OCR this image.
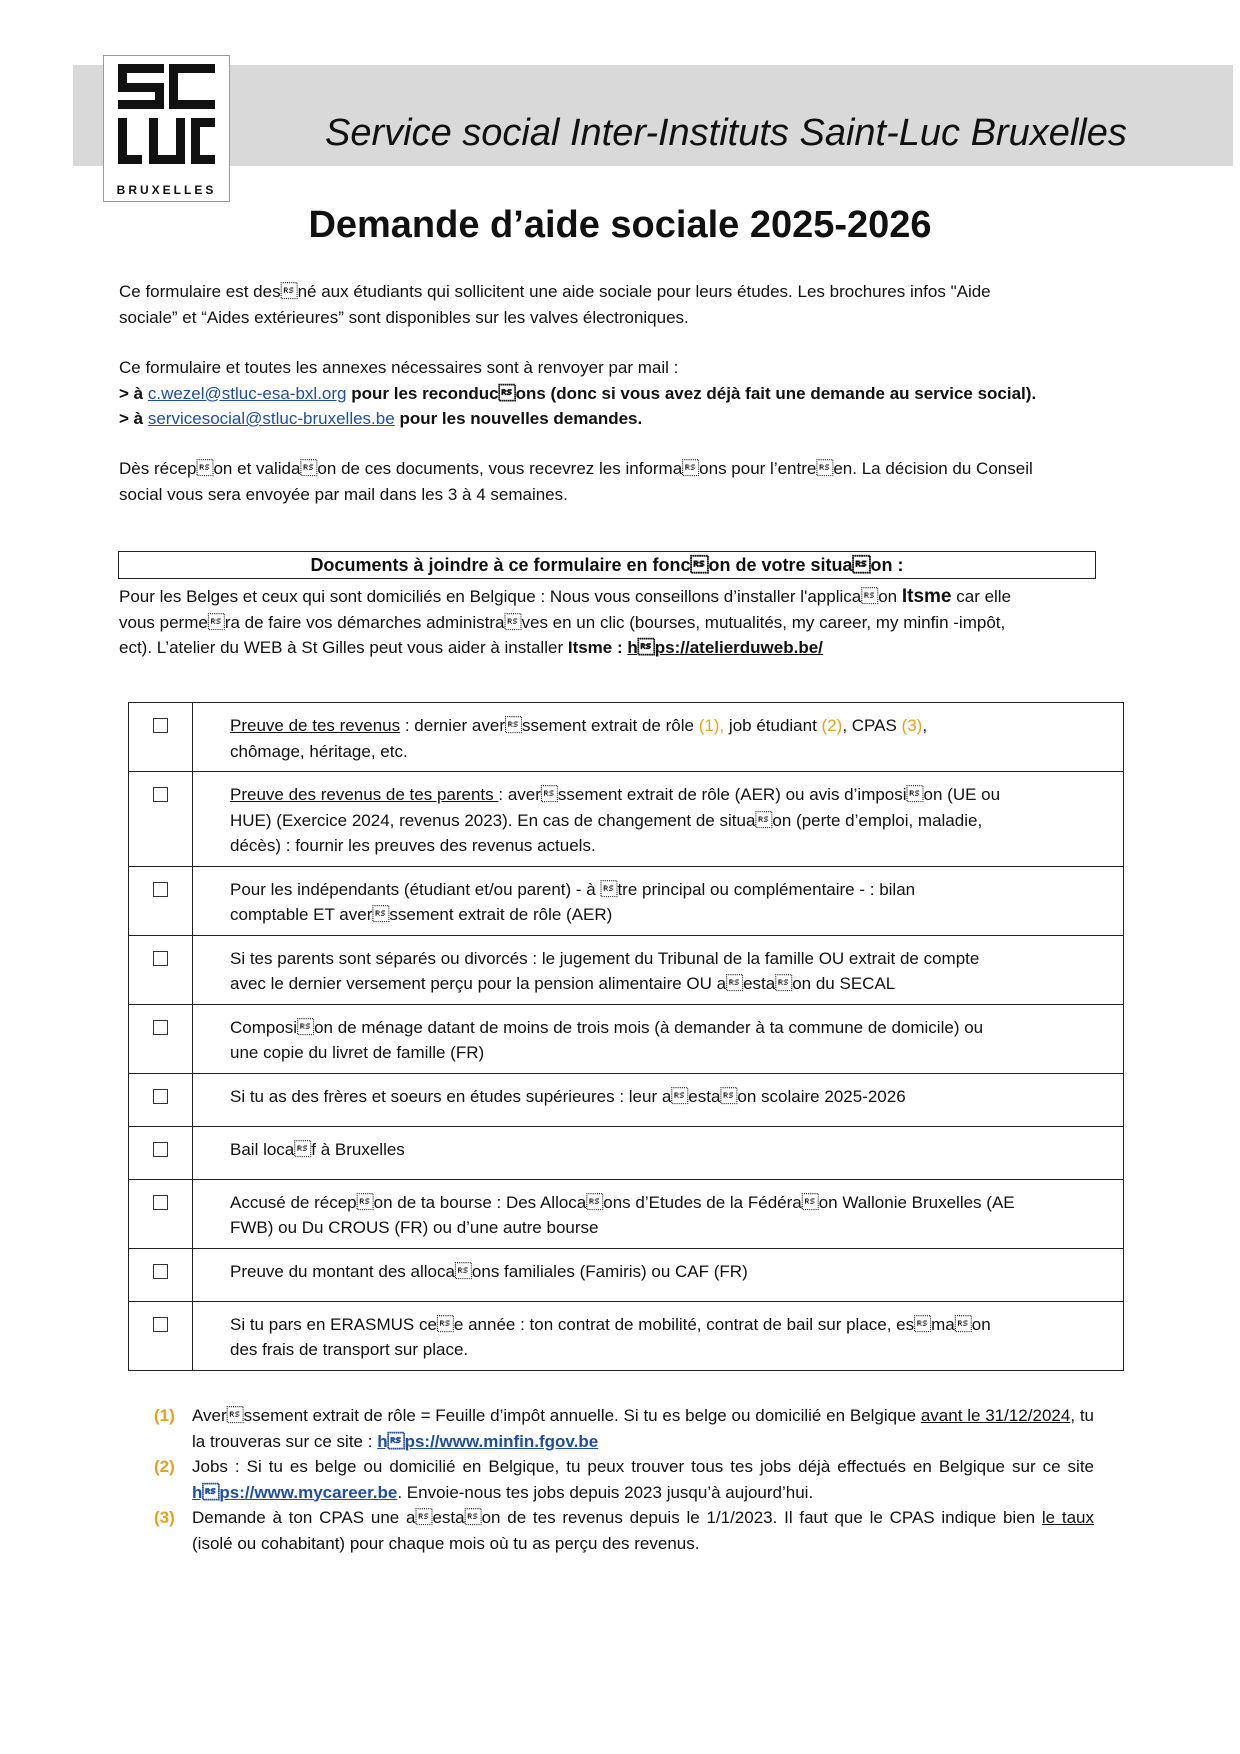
BRUXELLES
Service social Inter-Instituts Saint-Luc Bruxelles
Demande d’aide sociale 2025-2026
Ce formulaire est desné aux étudiants qui sollicitent une aide sociale pour leurs études. Les brochures infos "Aide
sociale” et “Aides extérieures” sont disponibles sur les valves électroniques.
Ce formulaire et toutes les annexes nécessaires sont à renvoyer par mail :
> à c.wezel@stluc-esa-bxl.org pour les reconducons (donc si vous avez déjà fait une demande au service social).
> à servicesocial@stluc-bruxelles.be pour les nouvelles demandes.
Dès récepon et validaon de ces documents, vous recevrez les informaons pour l’entreen. La décision du Conseil
social vous sera envoyée par mail dans les 3 à 4 semaines.
Documents à joindre à ce formulaire en foncon de votre situaon :
Pour les Belges et ceux qui sont domiciliés en Belgique : Nous vous conseillons d’installer l'applicaon Itsme car elle
vous permera de faire vos démarches administraves en un clic (bourses, mutualités, my career, my minfin -impôt,
ect). L’atelier du WEB à St Gilles peut vous aider à installer Itsme : hps://atelierduweb.be/

	Preuve de tes revenus : dernier averssement extrait de rôle (1), job étudiant (2), CPAS (3),
chômage, héritage, etc.

	Preuve des revenus de tes parents : averssement extrait de rôle (AER) ou avis d’imposion (UE ou
HUE) (Exercice 2024, revenus 2023). En cas de changement de situaon (perte d’emploi, maladie,
décès) : fournir les preuves des revenus actuels.

	Pour les indépendants (étudiant et/ou parent) - à tre principal ou complémentaire - : bilan
comptable ET averssement extrait de rôle (AER)

	Si tes parents sont séparés ou divorcés : le jugement du Tribunal de la famille OU extrait de compte
avec le dernier versement perçu pour la pension alimentaire OU aestaon du SECAL

	Composion de ménage datant de moins de trois mois (à demander à ta commune de domicile) ou
une copie du livret de famille (FR)

	Si tu as des frères et soeurs en études supérieures : leur aestaon scolaire 2025-2026

	Bail locaf à Bruxelles

	Accusé de récepon de ta bourse : Des Allocaons d’Etudes de la Fédéraon Wallonie Bruxelles (AE
FWB) ou Du CROUS (FR) ou d’une autre bourse

	Preuve du montant des allocaons familiales (Famiris) ou CAF (FR)

	Si tu pars en ERASMUS cee année : ton contrat de mobilité, contrat de bail sur place, esmaon
des frais de transport sur place.
(1) Averssement extrait de rôle = Feuille d’impôt annuelle. Si tu es belge ou domicilié en Belgique avant le 31/12/2024, tu la trouveras sur ce site : hps://www.minfin.fgov.be
(2) Jobs : Si tu es belge ou domicilié en Belgique, tu peux trouver tous tes jobs déjà effectués en Belgique sur ce site hps://www.mycareer.be. Envoie-nous tes jobs depuis 2023 jusqu’à aujourd’hui.
(3) Demande à ton CPAS une aestaon de tes revenus depuis le 1/1/2023. Il faut que le CPAS indique bien le taux (isolé ou cohabitant) pour chaque mois où tu as perçu des revenus.
